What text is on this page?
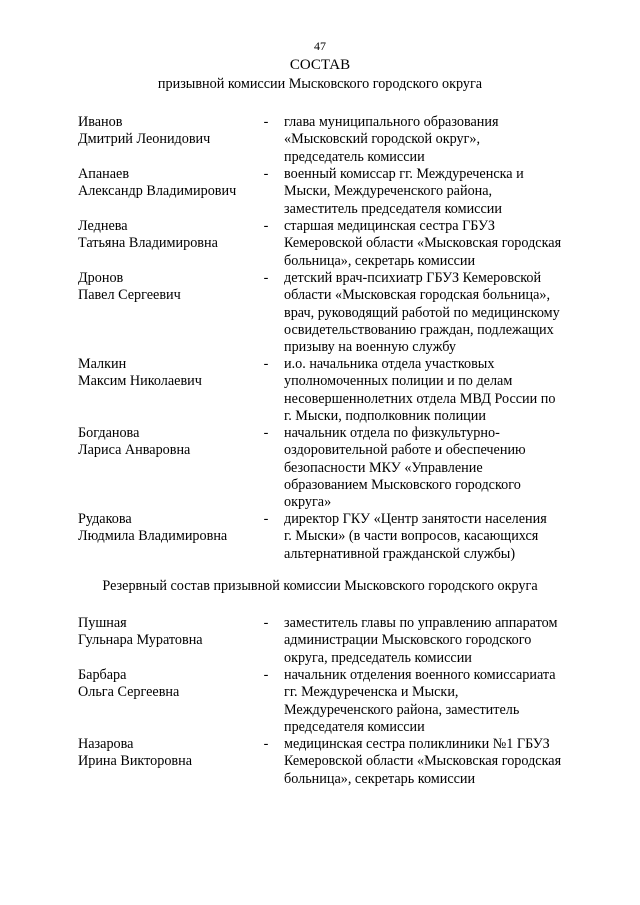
47
СОСТАВ
призывной комиссии Мысковского городского округа
Иванов
Дмитрий Леонидович
- глава муниципального образования
«Мысковский городской округ»,
председатель комиссии
Апанаев
Александр Владимирович
- военный комиссар гг. Междуреченска и
Мыски, Междуреченского района,
заместитель председателя комиссии
Леднева
Татьяна Владимировна
- старшая медицинская сестра ГБУЗ
Кемеровской области «Мысковская городская
больница», секретарь комиссии
Дронов
Павел Сергеевич
- детский врач-психиатр ГБУЗ Кемеровской
области «Мысковская городская больница»,
врач, руководящий работой по медицинскому
освидетельствованию граждан, подлежащих
призыву на военную службу
Малкин
Максим Николаевич
- и.о. начальника отдела участковых
уполномоченных полиции и по делам
несовершеннолетних отдела МВД России по
г. Мыски, подполковник полиции
Богданова
Лариса Анваровна
- начальник отдела по физкультурно-
оздоровительной работе и обеспечению
безопасности МКУ «Управление
образованием Мысковского городского
округа»
Рудакова
Людмила Владимировна
- директор ГКУ «Центр занятости населения
г. Мыски» (в части вопросов, касающихся
альтернативной гражданской службы)
Резервный состав призывной комиссии Мысковского городского округа
Пушная
Гульнара Муратовна
- заместитель главы по управлению аппаратом
администрации Мысковского городского
округа, председатель комиссии
Барбара
Ольга Сергеевна
- начальник отделения военного комиссариата
гг. Междуреченска и Мыски,
Междуреченского района, заместитель
председателя комиссии
Назарова
Ирина Викторовна
- медицинская сестра поликлиники №1 ГБУЗ
Кемеровской области «Мысковская городская
больница», секретарь комиссии
